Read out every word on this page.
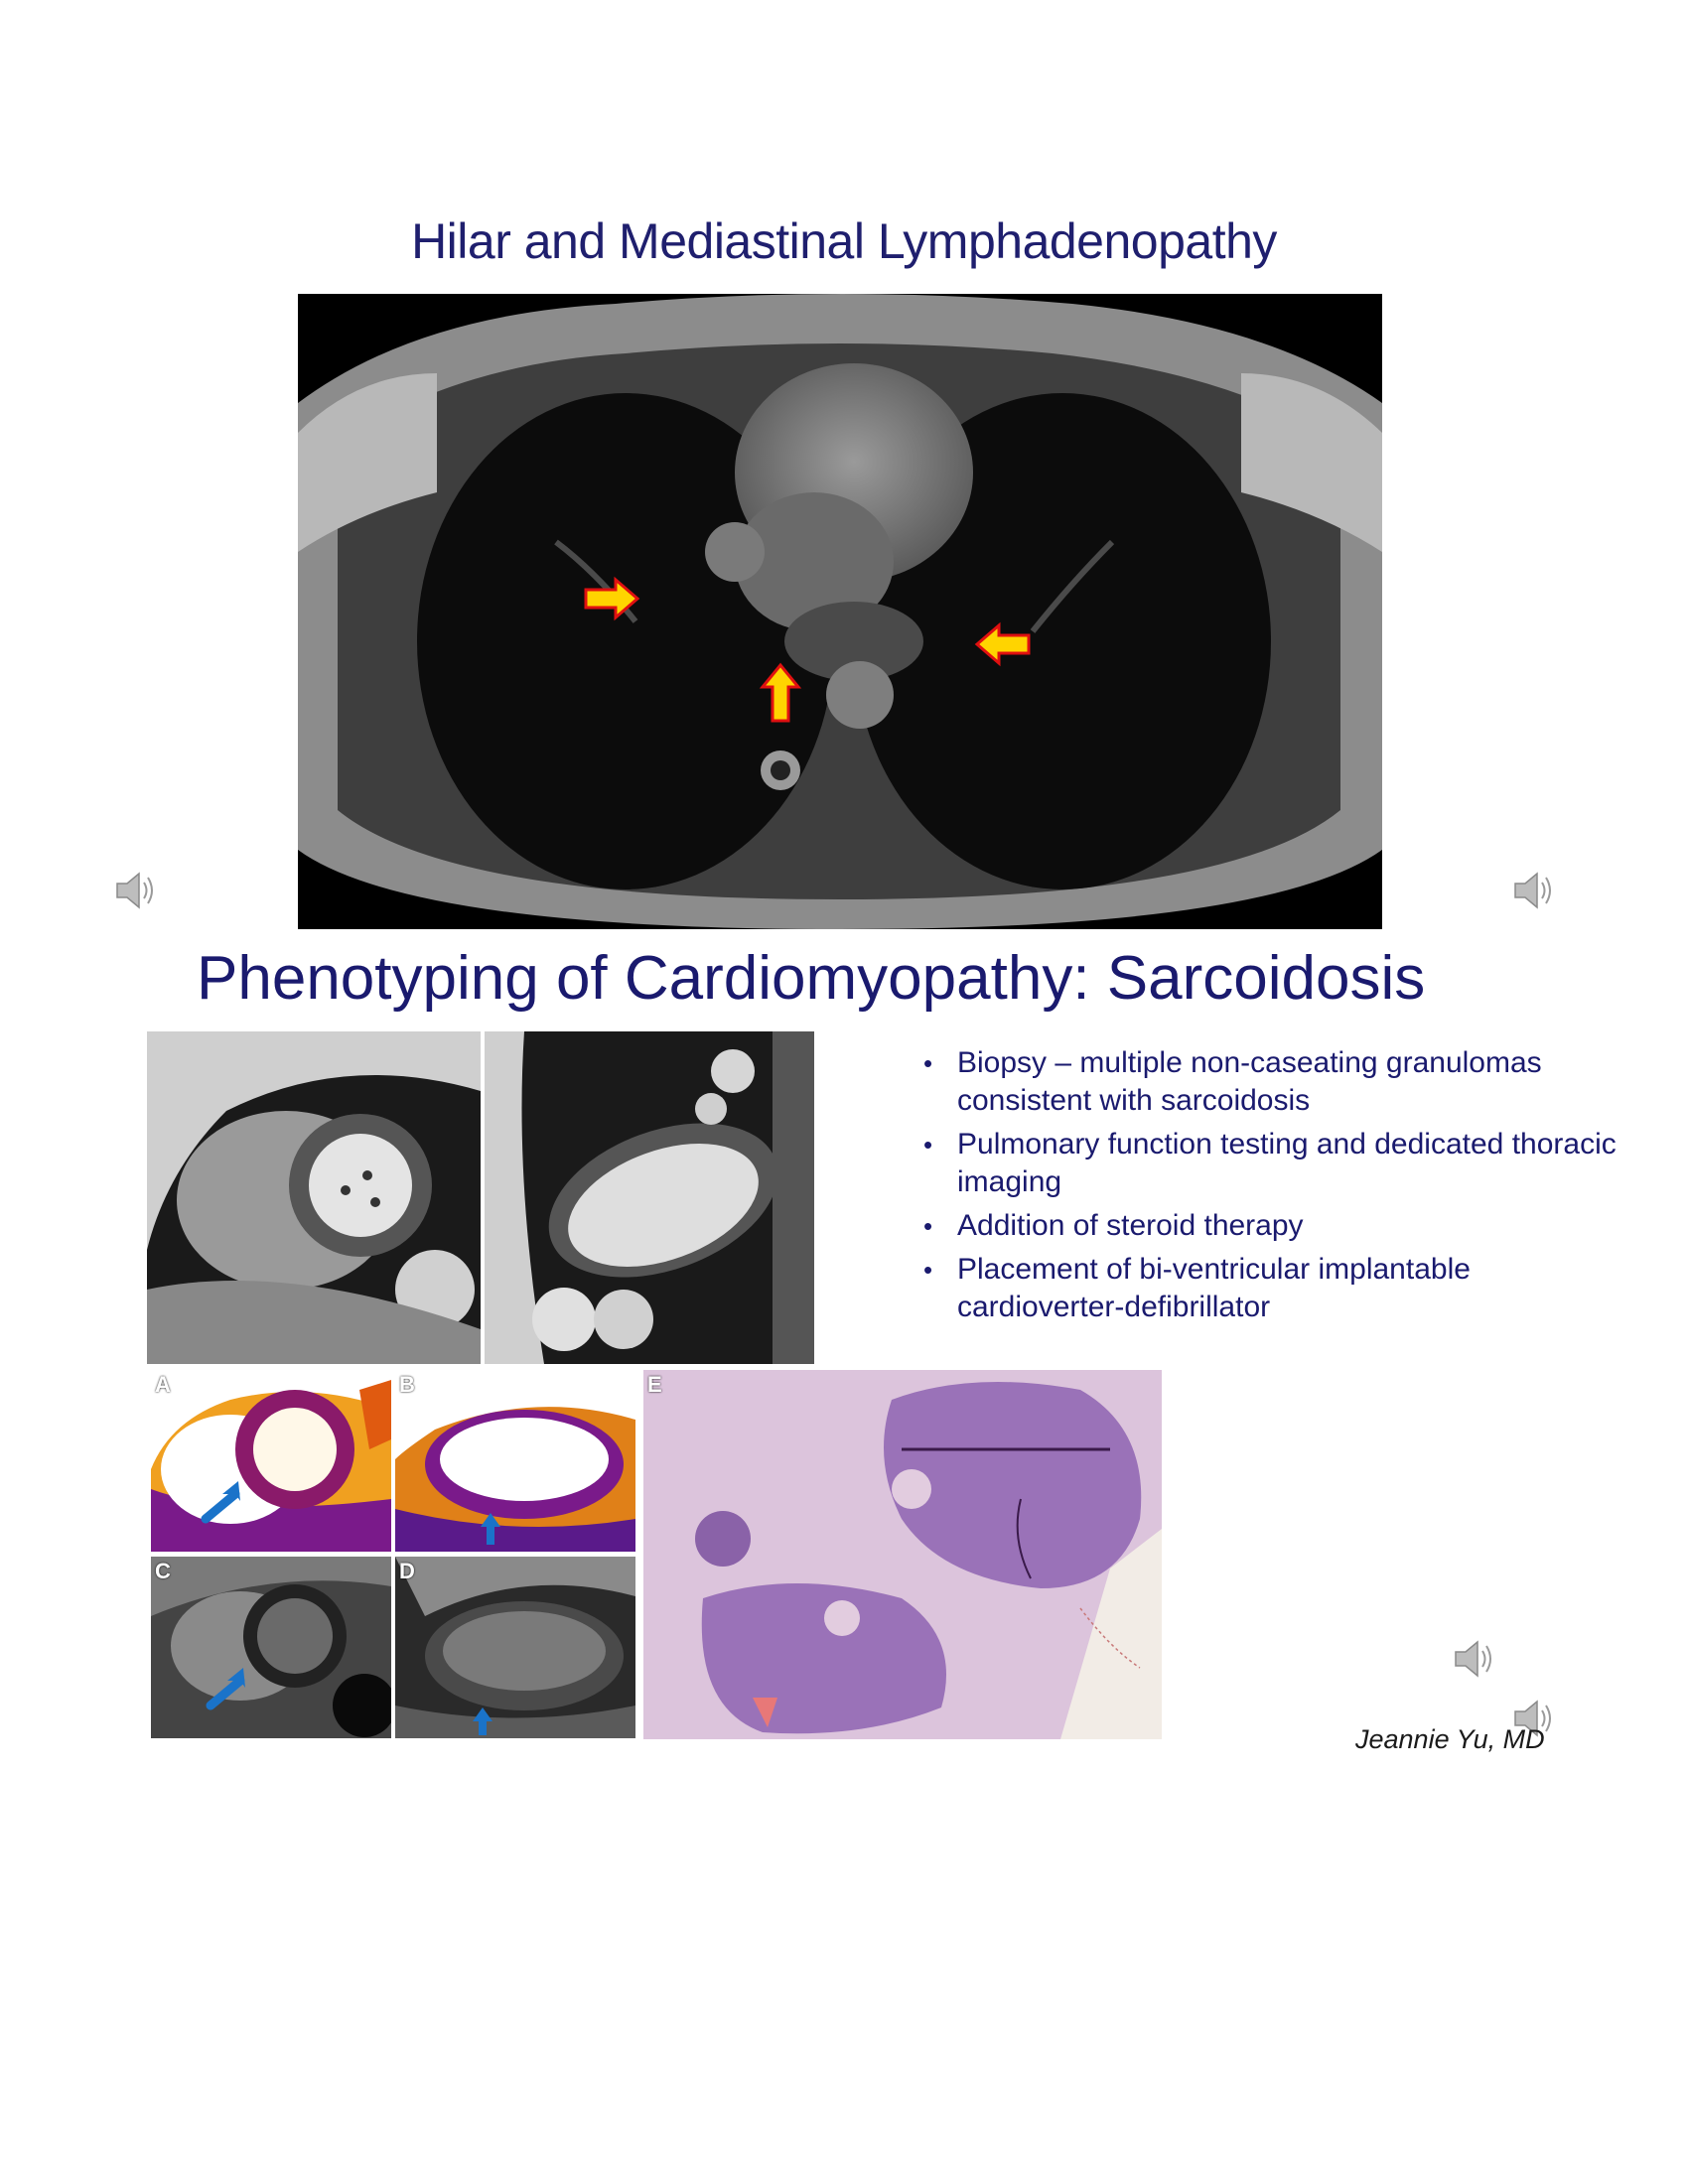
Hilar and Mediastinal Lymphadenopathy
Phenotyping of Cardiomyopathy: Sarcoidosis
• Biopsy – multiple non-caseating granulomas consistent with sarcoidosis
• Pulmonary function testing and dedicated thoracic imaging
• Addition of steroid therapy
• Placement of bi-ventricular implantable cardioverter-defibrillator
A	B
C	D
E
Jeannie Yu, MD
